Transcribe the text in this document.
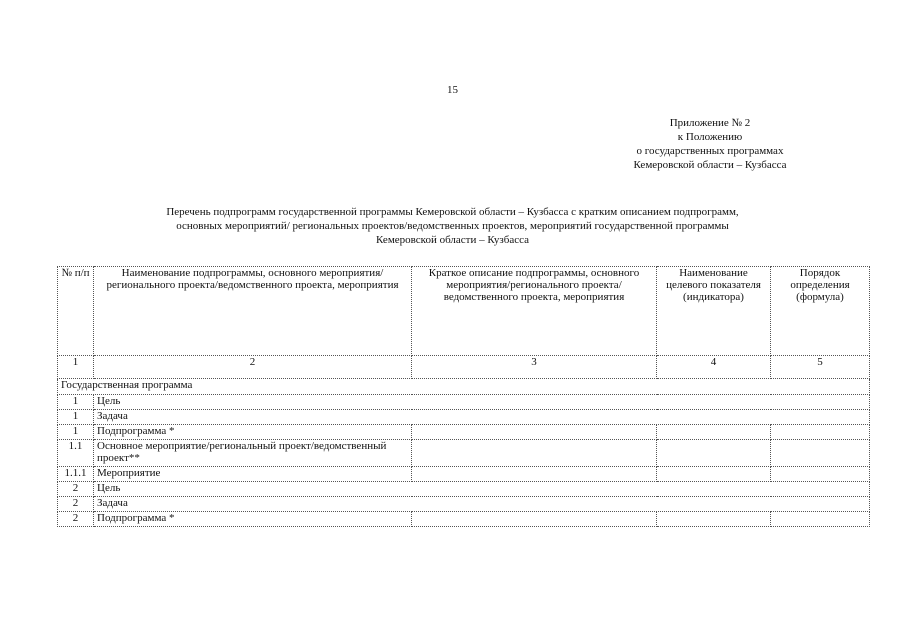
15
Приложение № 2
к Положению
о государственных программах
Кемеровской области – Кузбасса
Перечень подпрограмм государственной программы Кемеровской области – Кузбасса с кратким описанием подпрограмм,
основных мероприятий/ региональных проектов/ведомственных проектов, мероприятий государственной программы
Кемеровской области – Кузбасса
№ п/п	Наименование подпрограммы, основного мероприятия/регионального проекта/ведомственного проекта, мероприятия	Краткое описание подпрограммы, основного мероприятия/регионального проекта/ведомственного проекта, мероприятия	Наименование целевого показателя (индикатора)	Порядок определения (формула)
1	2	3	4	5
Государственная программа				
1	Цель			
1	Задача			
1	Подпрограмма *			
1.1	Основное мероприятие/региональный проект/ведомственный проект**			
1.1.1	Мероприятие			
2	Цель			
2	Задача			
2	Подпрограмма *			
